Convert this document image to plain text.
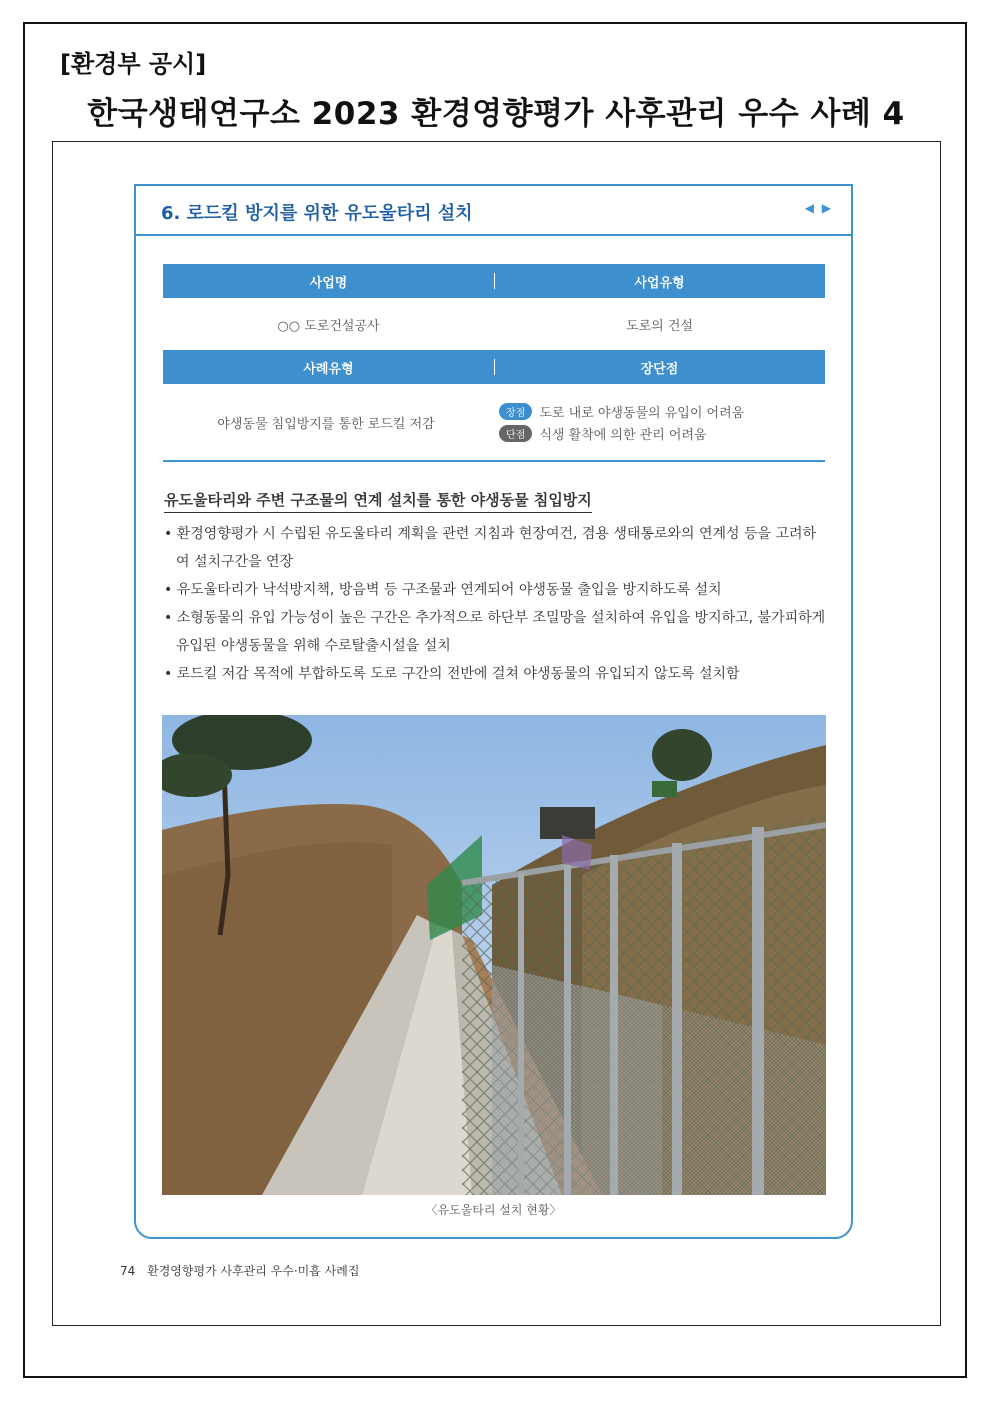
[환경부 공시]
한국생태연구소 2023 환경영향평가 사후관리 우수 사례 4
6. 로드킬 방지를 위한 유도울타리 설치	◀ ▶
사업명	사업유형
○○ 도로건설공사	도로의 건설
사례유형	장단점
야생동물 침입방지를 통한 로드킬 저감
장점	도로 내로 야생동물의 유입이 어려움
단점	식생 활착에 의한 관리 어려움
유도울타리와 주변 구조물의 연계 설치를 통한 야생동물 침입방지
• 환경영향평가 시 수립된 유도울타리 계획을 관련 지침과 현장여건, 겸용 생태통로와의 연계성 등을 고려하여 설치구간을 연장
• 유도울타리가 낙석방지책, 방음벽 등 구조물과 연계되어 야생동물 출입을 방지하도록 설치
• 소형동물의 유입 가능성이 높은 구간은 추가적으로 하단부 조밀망을 설치하여 유입을 방지하고, 불가피하게 유입된 야생동물을 위해 수로탈출시설을 설치
• 로드킬 저감 목적에 부합하도록 도로 구간의 전반에 걸쳐 야생동물의 유입되지 않도록 설치함
〈유도울타리 설치 현황〉
74 환경영향평가 사후관리 우수·미흡 사례집
